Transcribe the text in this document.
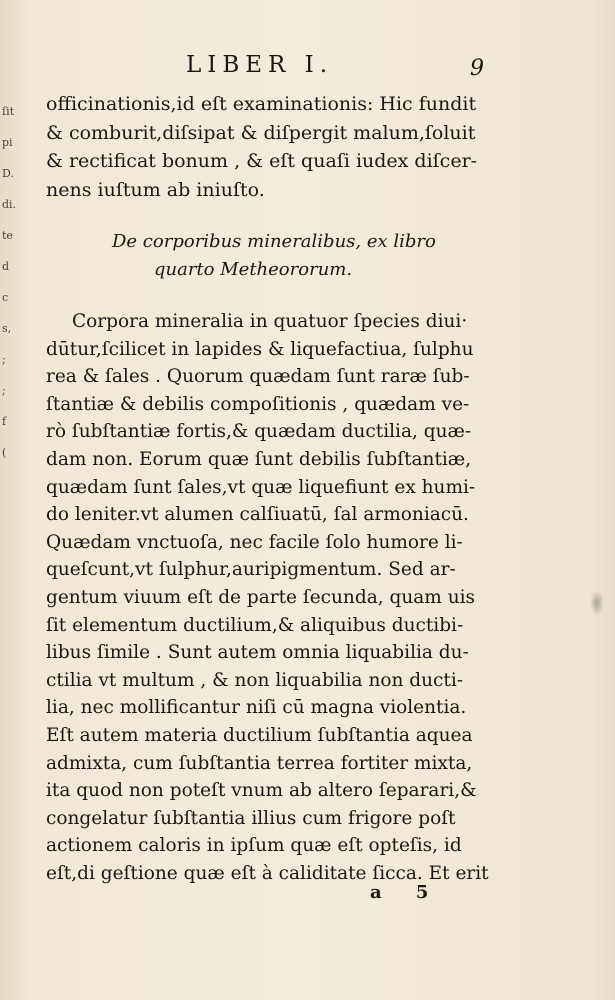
LIBER I.	9
ſit
pi
D.
di.
te
d
c
s,
;
;
f
(
officinationis,id eſt examinationis: Hic fundit
& comburit,diſsipat & diſpergit malum,ſoluit
& rectificat bonum , & eſt quaſi iudex diſcer-
nens iuſtum ab iniuſto.
De corporibus mineralibus, ex libro
quarto Metheororum.
Corpora mineralia in quatuor ſpecies diui·
dūtur,ſcilicet in lapides & liquefactiua, ſulphu
rea & ſales . Quorum quædam ſunt raræ ſub-
ſtantiæ & debilis compoſitionis , quædam ve-
rò ſubſtantiæ fortis,& quædam ductilia, quæ-
dam non. Eorum quæ ſunt debilis ſubſtantiæ,
quædam ſunt ſales,vt quæ liquefiunt ex humi-
do leniter.vt alumen calſiuatū, ſal armoniacū.
Quædam vnctuoſa, nec facile ſolo humore li-
queſcunt,vt ſulphur,auripigmentum. Sed ar-
gentum viuum eſt de parte ſecunda, quam uis
ſit elementum ductilium,& aliquibus ductibi-
libus ſimile . Sunt autem omnia liquabilia du-
ctilia vt multum , & non liquabilia non ducti-
lia, nec mollificantur niſi cū magna violentia.
Eſt autem materia ductilium ſubſtantia aquea
admixta, cum ſubſtantia terrea fortiter mixta,
ita quod non poteſt vnum ab altero ſeparari,&
congelatur ſubſtantia illius cum frigore poſt
actionem caloris in ipſum quæ eſt opteſis, id
eſt,di geſtione quæ eſt à caliditate ſicca. Et erit
a 5
